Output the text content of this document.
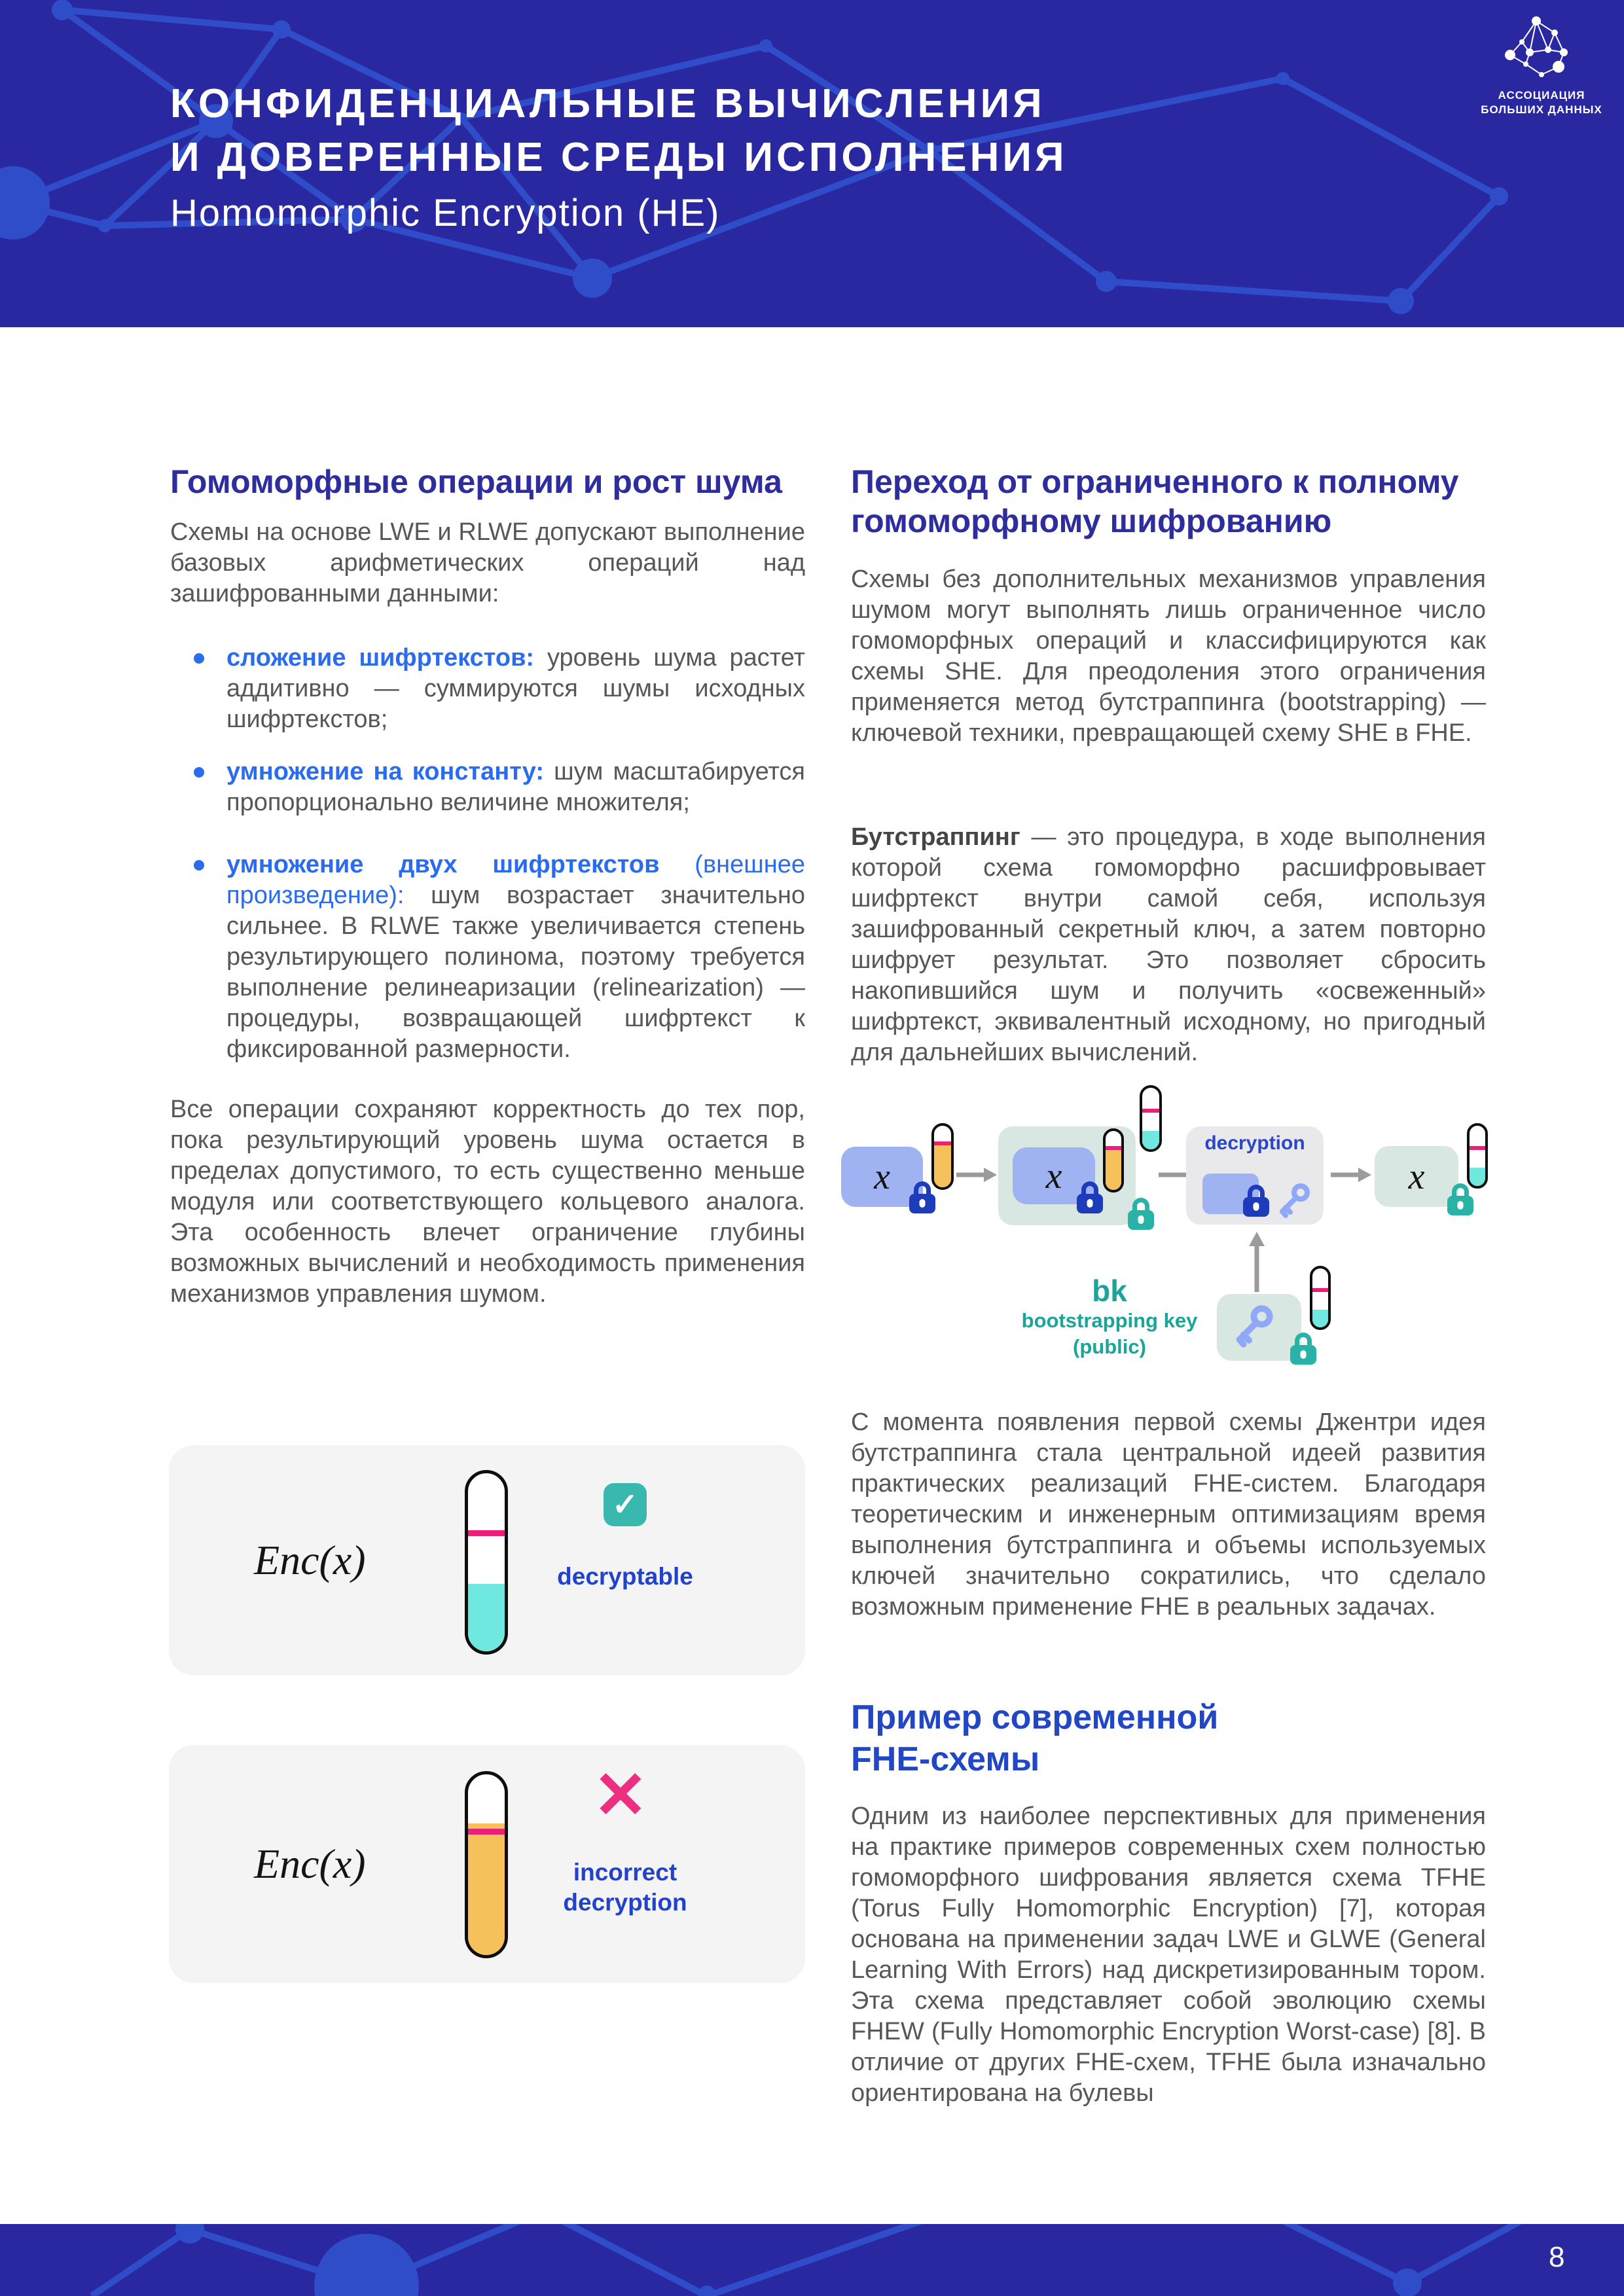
КОНФИДЕНЦИАЛЬНЫЕ ВЫЧИСЛЕНИЯ
И ДОВЕРЕННЫЕ СРЕДЫ ИСПОЛНЕНИЯ
Homomorphic Encryption (HE)
АССОЦИАЦИЯ
БОЛЬШИХ ДАННЫХ
Гомоморфные операции и рост шума
Схемы на основе LWE и RLWE допускают выполнение базовых арифметических операций над зашифрованными данными:
сложение шифртекстов: уровень шума растет аддитивно — суммируются шумы исходных шифртекстов;
умножение на константу: шум масштабируется пропорционально величине множителя;
умножение двух шифртекстов (внешнее произведение): шум возрастает значительно сильнее. В RLWE также увеличивается степень результирующего полинома, поэтому требуется выполнение релинеаризации (relinearization) — процедуры, возвращающей шифртекст к фиксированной размерности.
Все операции сохраняют корректность до тех пор, пока результирующий уровень шума остается в пределах допустимого, то есть существенно меньше модуля или соответствующего кольцевого аналога. Эта особенность влечет ограничение глубины возможных вычислений и необходимость применения механизмов управления шумом.
Enc(x)
✓
decryptable
Enc(x)
✕
incorrect
decryption
Переход от ограниченного к полному гомоморфному шифрованию
Схемы без дополнительных механизмов управления шумом могут выполнять лишь ограниченное число гомоморфных операций и классифицируются как схемы SHE. Для преодоления этого ограничения применяется метод бутстраппинга (bootstrapping) — ключевой техники, превращающей схему SHE в FHE.
Бутстраппинг — это процедура, в ходе выполнения которой схема гомоморфно расшифровывает шифртекст внутри самой себя, используя зашифрованный секретный ключ, а затем повторно шифрует результат. Это позволяет сбросить накопившийся шум и получить «освеженный» шифртекст, эквивалентный исходному, но пригодный для дальнейших вычислений.
x	x
decryption
x
bk
bootstrapping key
(public)
С момента появления первой схемы Джентри идея бутстраппинга стала центральной идеей развития практических реализаций FHE-систем. Благодаря теоретическим и инженерным оптимизациям время выполнения бутстраппинга и объемы используемых ключей значительно сократились, что сделало возможным применение FHE в реальных задачах.
Пример современной
FHE-схемы
Одним из наиболее перспективных для применения на практике примеров современных схем полностью гомоморфного шифрования является схема TFHE (Torus Fully Homomorphic Encryption) [7], которая основана на применении задач LWE и GLWE (General Learning With Errors) над дискретизированным тором. Эта схема представляет собой эволюцию схемы FHEW (Fully Homomorphic Encryption Worst-case) [8]. В отличие от других FHE-схем, TFHE была изначально ориентирована на булевы
8
